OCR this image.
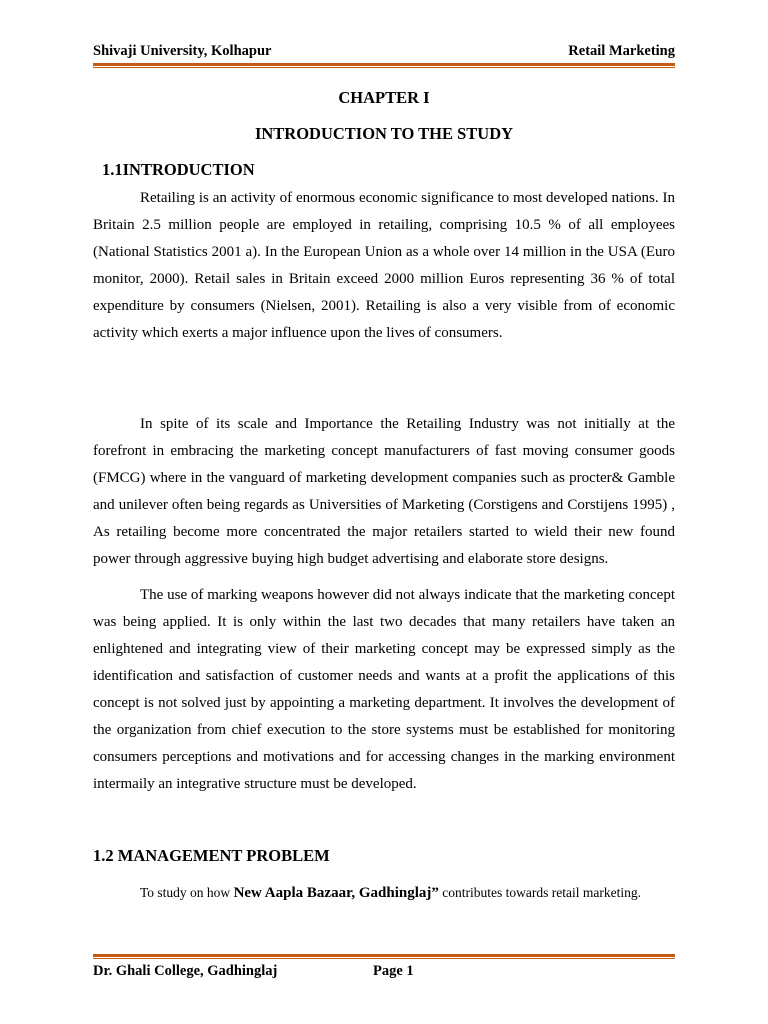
Shivaji University, Kolhapur	Retail Marketing
CHAPTER I
INTRODUCTION TO THE STUDY
1.1INTRODUCTION

Retailing is an activity of enormous economic significance to most developed nations. In Britain 2.5 million people are employed in retailing, comprising 10.5 % of all employees (National Statistics 2001 a). In the European Union as a whole over 14 million in the USA (Euro monitor, 2000). Retail sales in Britain exceed 2000 million Euros representing 36 % of total expenditure by consumers (Nielsen, 2001). Retailing is also a very visible from of economic activity which exerts a major influence upon the lives of consumers.

In spite of its scale and Importance the Retailing Industry was not initially at the forefront in embracing the marketing concept manufacturers of fast moving consumer goods (FMCG) where in the vanguard of marketing development companies such as procter& Gamble and unilever often being regards as Universities of Marketing (Corstigens and Corstijens 1995) , As retailing become more concentrated the major retailers started to wield their new found power through aggressive buying high budget advertising and elaborate store designs.

The use of marking weapons however did not always indicate that the marketing concept was being applied. It is only within the last two decades that many retailers have taken an enlightened and integrating view of their marketing concept may be expressed simply as the identification and satisfaction of customer needs and wants at a profit the applications of this concept is not solved just by appointing a marketing department. It involves the development of the organization from chief execution to the store systems must be established for monitoring consumers perceptions and motivations and for accessing changes in the marking environment intermaily an integrative structure must be developed.

1.2 MANAGEMENT PROBLEM

To study on how New Aapla Bazaar, Gadhinglaj” contributes towards retail marketing.

Dr. Ghali College, Gadhinglaj	Page 1
